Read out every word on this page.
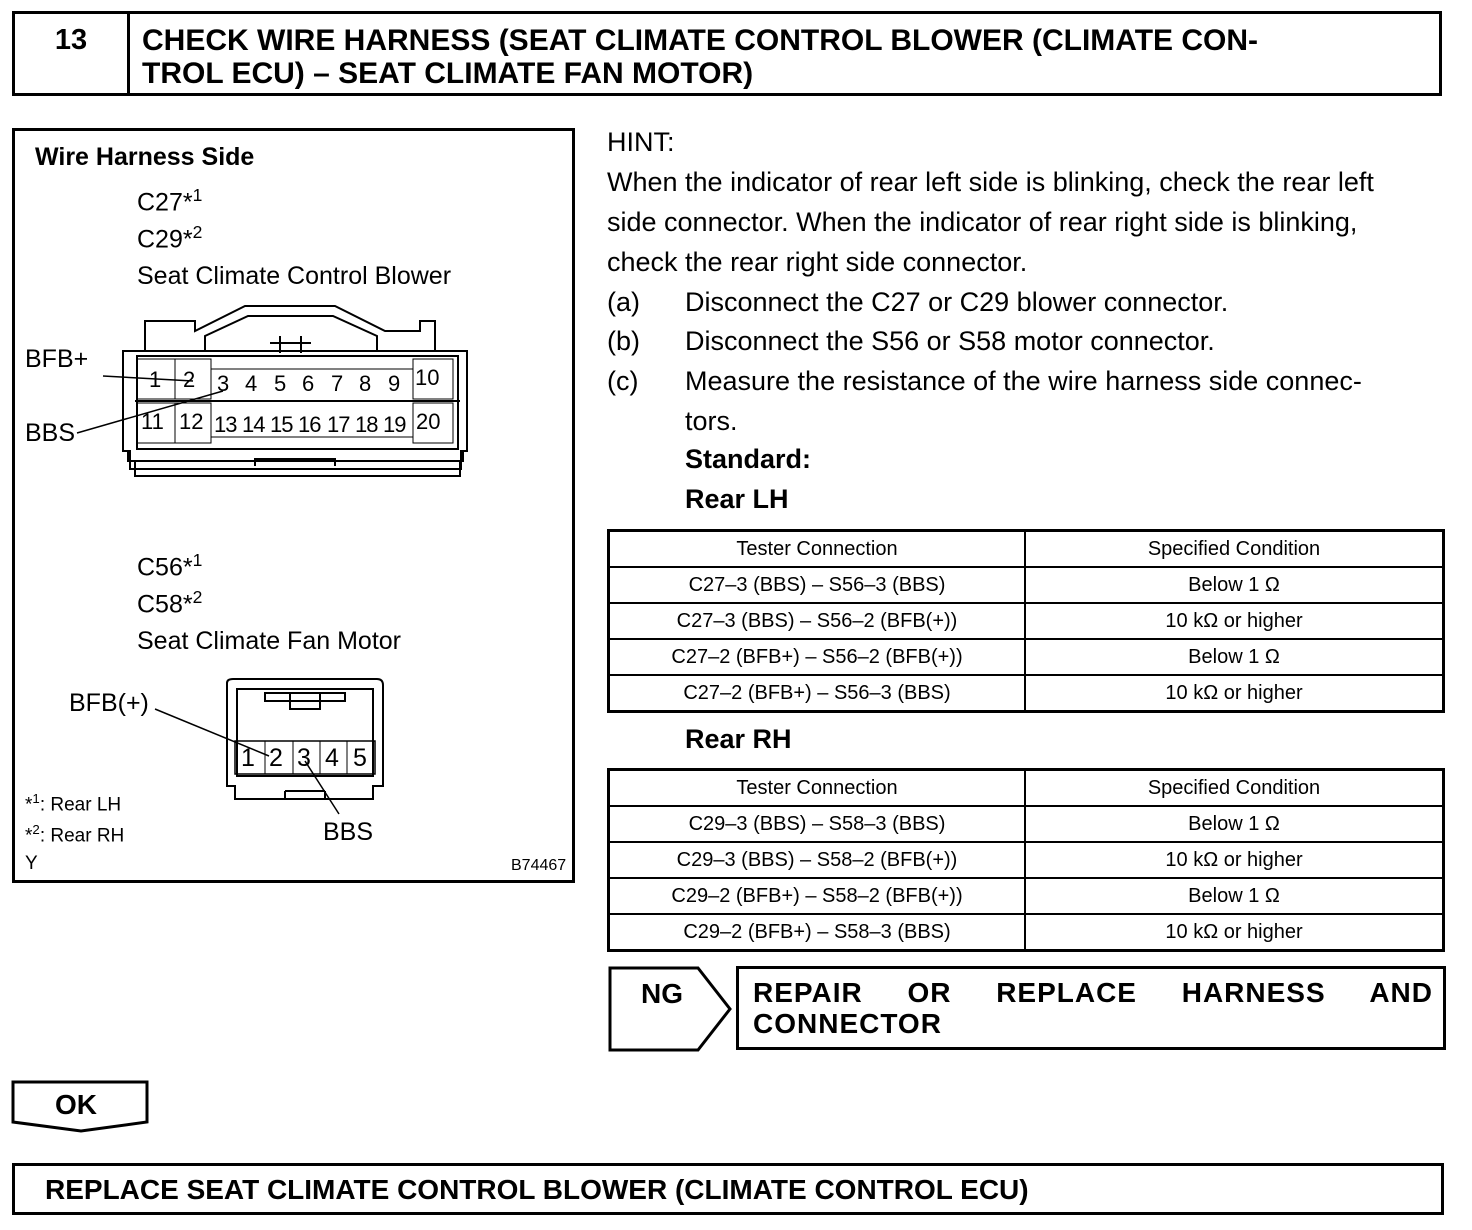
13	CHECK WIRE HARNESS (SEAT CLIMATE CONTROL BLOWER (CLIMATE CON-
TROL ECU) – SEAT CLIMATE FAN MOTOR)
Wire Harness Side
C27*$^1$
C29*$^2$
Seat Climate Control Blower
BFB+
BBS
1 2 3 4 5 6 7 8 9 10
11 12 13 14 15 16 17 18 19 20
C56*$^1$
C58*$^2$
Seat Climate Fan Motor
BFB(+)
BBS
1 2 3 4 5
*$^1$: Rear LH
*$^2$: Rear RH
Y	B74467
HINT:
When the indicator of rear left side is blinking, check the rear left
side connector. When the indicator of rear right side is blinking,
check the rear right side connector.
(a) Disconnect the C27 or C29 blower connector.
(b) Disconnect the S56 or S58 motor connector.
(c) Measure the resistance of the wire harness side connec-
tors.
Standard:
Rear LH
Tester Connection	Specified Condition
C27–3 (BBS) – S56–3 (BBS)	Below 1 Ω
C27–3 (BBS) – S56–2 (BFB(+))	10 kΩ or higher
C27–2 (BFB+) – S56–2 (BFB(+))	Below 1 Ω
C27–2 (BFB+) – S56–3 (BBS)	10 kΩ or higher
Rear RH
Tester Connection	Specified Condition
C29–3 (BBS) – S58–3 (BBS)	Below 1 Ω
C29–3 (BBS) – S58–2 (BFB(+))	10 kΩ or higher
C29–2 (BFB+) – S58–2 (BFB(+))	Below 1 Ω
C29–2 (BFB+) – S58–3 (BBS)	10 kΩ or higher
NG	REPAIR OR REPLACE HARNESS AND CONNECTOR
OK
REPLACE SEAT CLIMATE CONTROL BLOWER (CLIMATE CONTROL ECU)
